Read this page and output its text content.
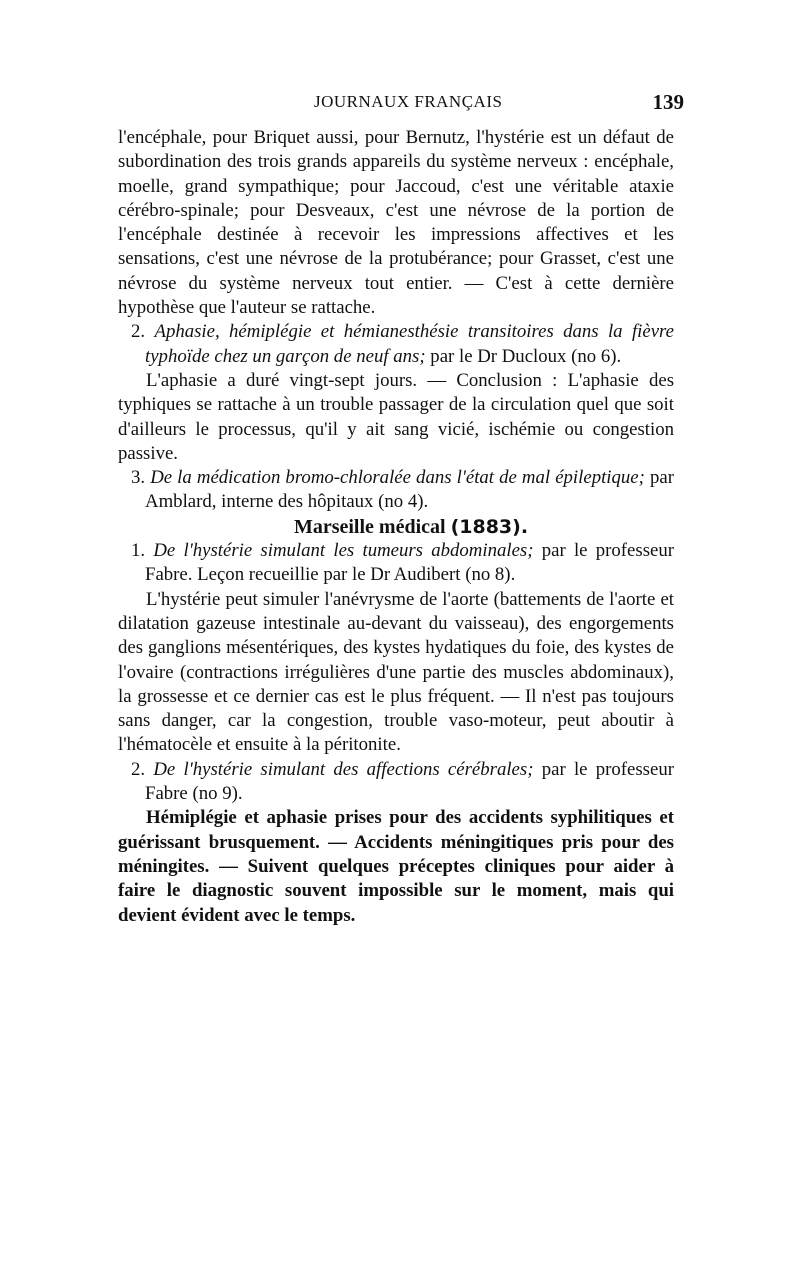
JOURNAUX FRANÇAIS	139

l'encéphale, pour Briquet aussi, pour Bernutz, l'hystérie est un défaut de subordination des trois grands appareils du système nerveux : encéphale, moelle, grand sympathique; pour Jaccoud, c'est une véritable ataxie cérébro-spinale; pour Desveaux, c'est une névrose de la portion de l'encéphale destinée à recevoir les impressions affectives et les sensations, c'est une névrose de la protubérance; pour Grasset, c'est une névrose du système nerveux tout entier. — C'est à cette dernière hypothèse que l'auteur se rattache.

2. Aphasie, hémiplégie et hémianesthésie transitoires dans la fièvre typhoïde chez un garçon de neuf ans; par le Dr Ducloux (no 6).

L'aphasie a duré vingt-sept jours. — Conclusion : L'aphasie des typhiques se rattache à un trouble passager de la circulation quel que soit d'ailleurs le processus, qu'il y ait sang vicié, ischémie ou congestion passive.

3. De la médication bromo-chloralée dans l'état de mal épileptique; par Amblard, interne des hôpitaux (no 4).

Marseille médical (1883).

1. De l'hystérie simulant les tumeurs abdominales; par le professeur Fabre. Leçon recueillie par le Dr Audibert (no 8).

L'hystérie peut simuler l'anévrysme de l'aorte (battements de l'aorte et dilatation gazeuse intestinale au-devant du vaisseau), des engorgements des ganglions mésentériques, des kystes hydatiques du foie, des kystes de l'ovaire (contractions irrégulières d'une partie des muscles abdominaux), la grossesse et ce dernier cas est le plus fréquent. — Il n'est pas toujours sans danger, car la congestion, trouble vaso-moteur, peut aboutir à l'hématocèle et ensuite à la péritonite.

2. De l'hystérie simulant des affections cérébrales; par le professeur Fabre (no 9).

Hémiplégie et aphasie prises pour des accidents syphilitiques et guérissant brusquement. — Accidents méningitiques pris pour des méningites. — Suivent quelques préceptes cliniques pour aider à faire le diagnostic souvent impossible sur le moment, mais qui devient évident avec le temps.
